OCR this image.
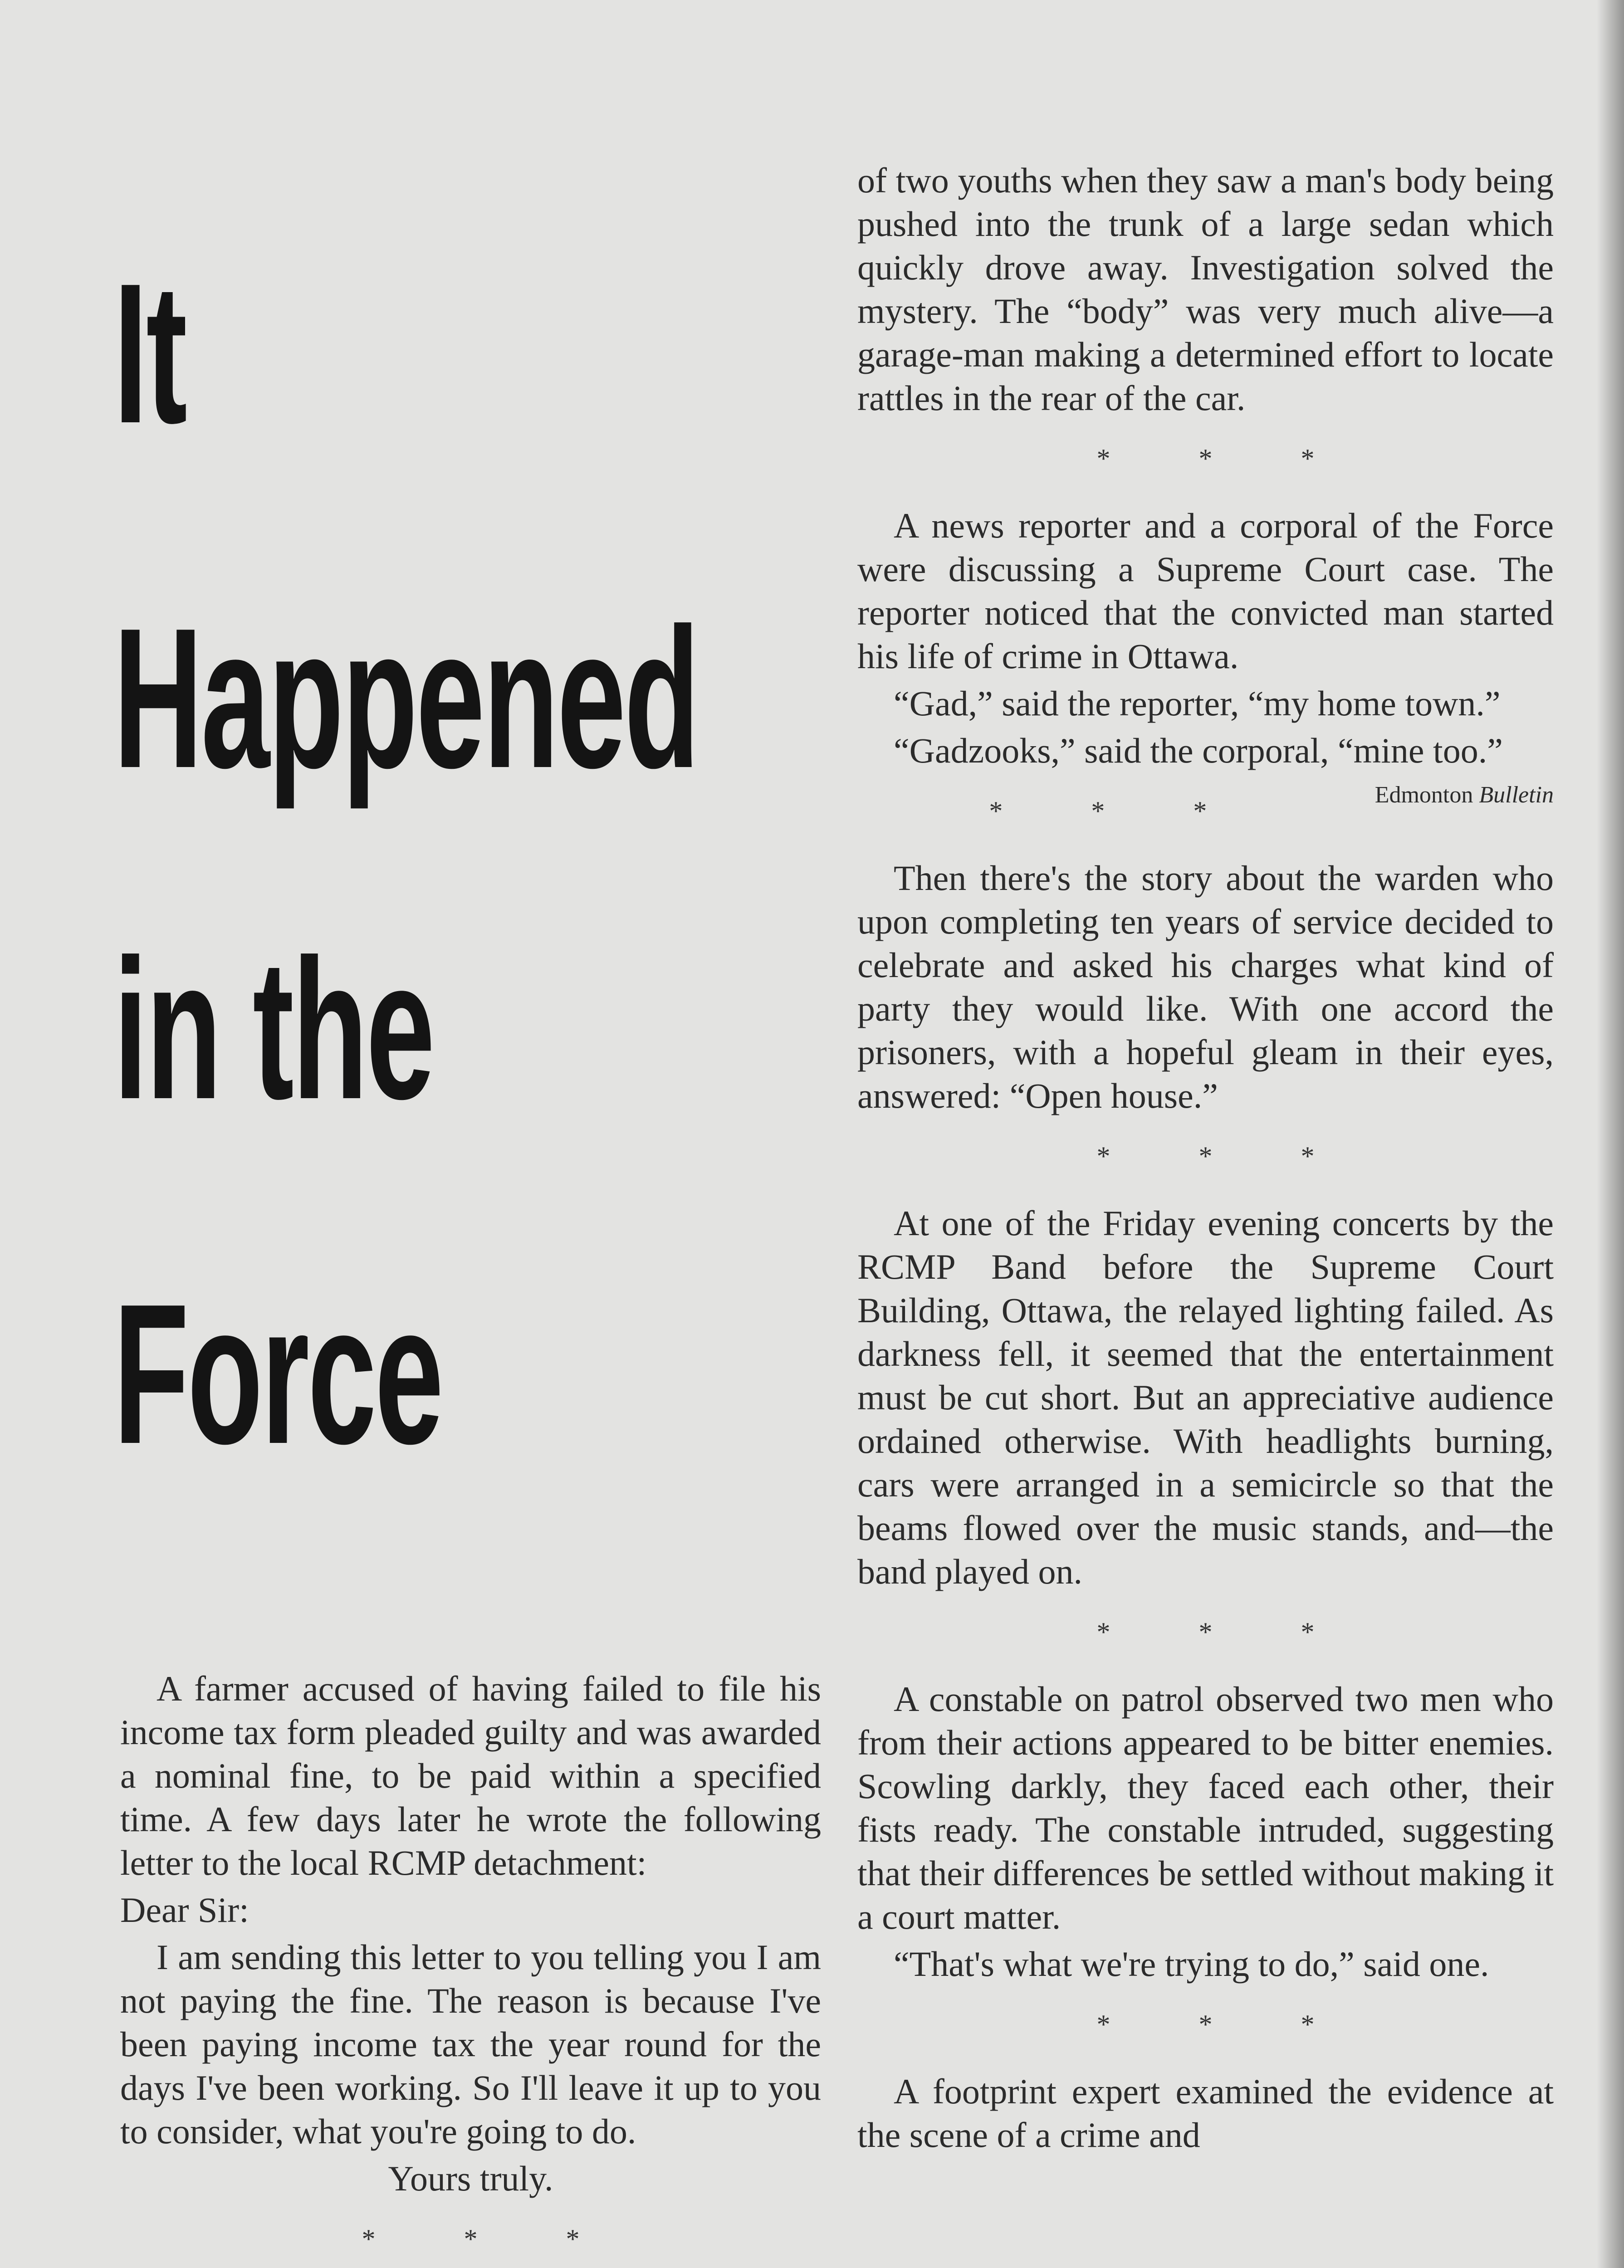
It
Happened
in the
Force

A farmer accused of having failed to file his income tax form pleaded guilty and was awarded a nominal fine, to be paid within a specified time. A few days later he wrote the following letter to the local RCMP detachment:

Dear Sir:

I am sending this letter to you telling you I am not paying the fine. The reason is because I've been paying income tax the year round for the days I've been working. So I'll leave it up to you to consider, what you're going to do.

Yours truly.

* * *

of two youths when they saw a man's body being pushed into the trunk of a large sedan which quickly drove away. Investigation solved the mystery. The “body” was very much alive—a garage-man making a determined effort to locate rattles in the rear of the car.

* * *

A news reporter and a corporal of the Force were discussing a Supreme Court case. The reporter noticed that the convicted man started his life of crime in Ottawa.

“Gad,” said the reporter, “my home town.”

“Gadzooks,” said the corporal, “mine too.”
Edmonton Bulletin

* * *

Then there's the story about the warden who upon completing ten years of service decided to celebrate and asked his charges what kind of party they would like. With one accord the prisoners, with a hopeful gleam in their eyes, answered: “Open house.”

* * *

At one of the Friday evening concerts by the RCMP Band before the Supreme Court Building, Ottawa, the relayed lighting failed. As darkness fell, it seemed that the entertainment must be cut short. But an appreciative audience ordained otherwise. With headlights burning, cars were arranged in a semicircle so that the beams flowed over the music stands, and—the band played on.

* * *

A constable on patrol observed two men who from their actions appeared to be bitter enemies. Scowling darkly, they faced each other, their fists ready. The constable intruded, suggesting that their differences be settled without making it a court matter.

“That's what we're trying to do,” said one.

* * *

A footprint expert examined the evidence at the scene of a crime and
